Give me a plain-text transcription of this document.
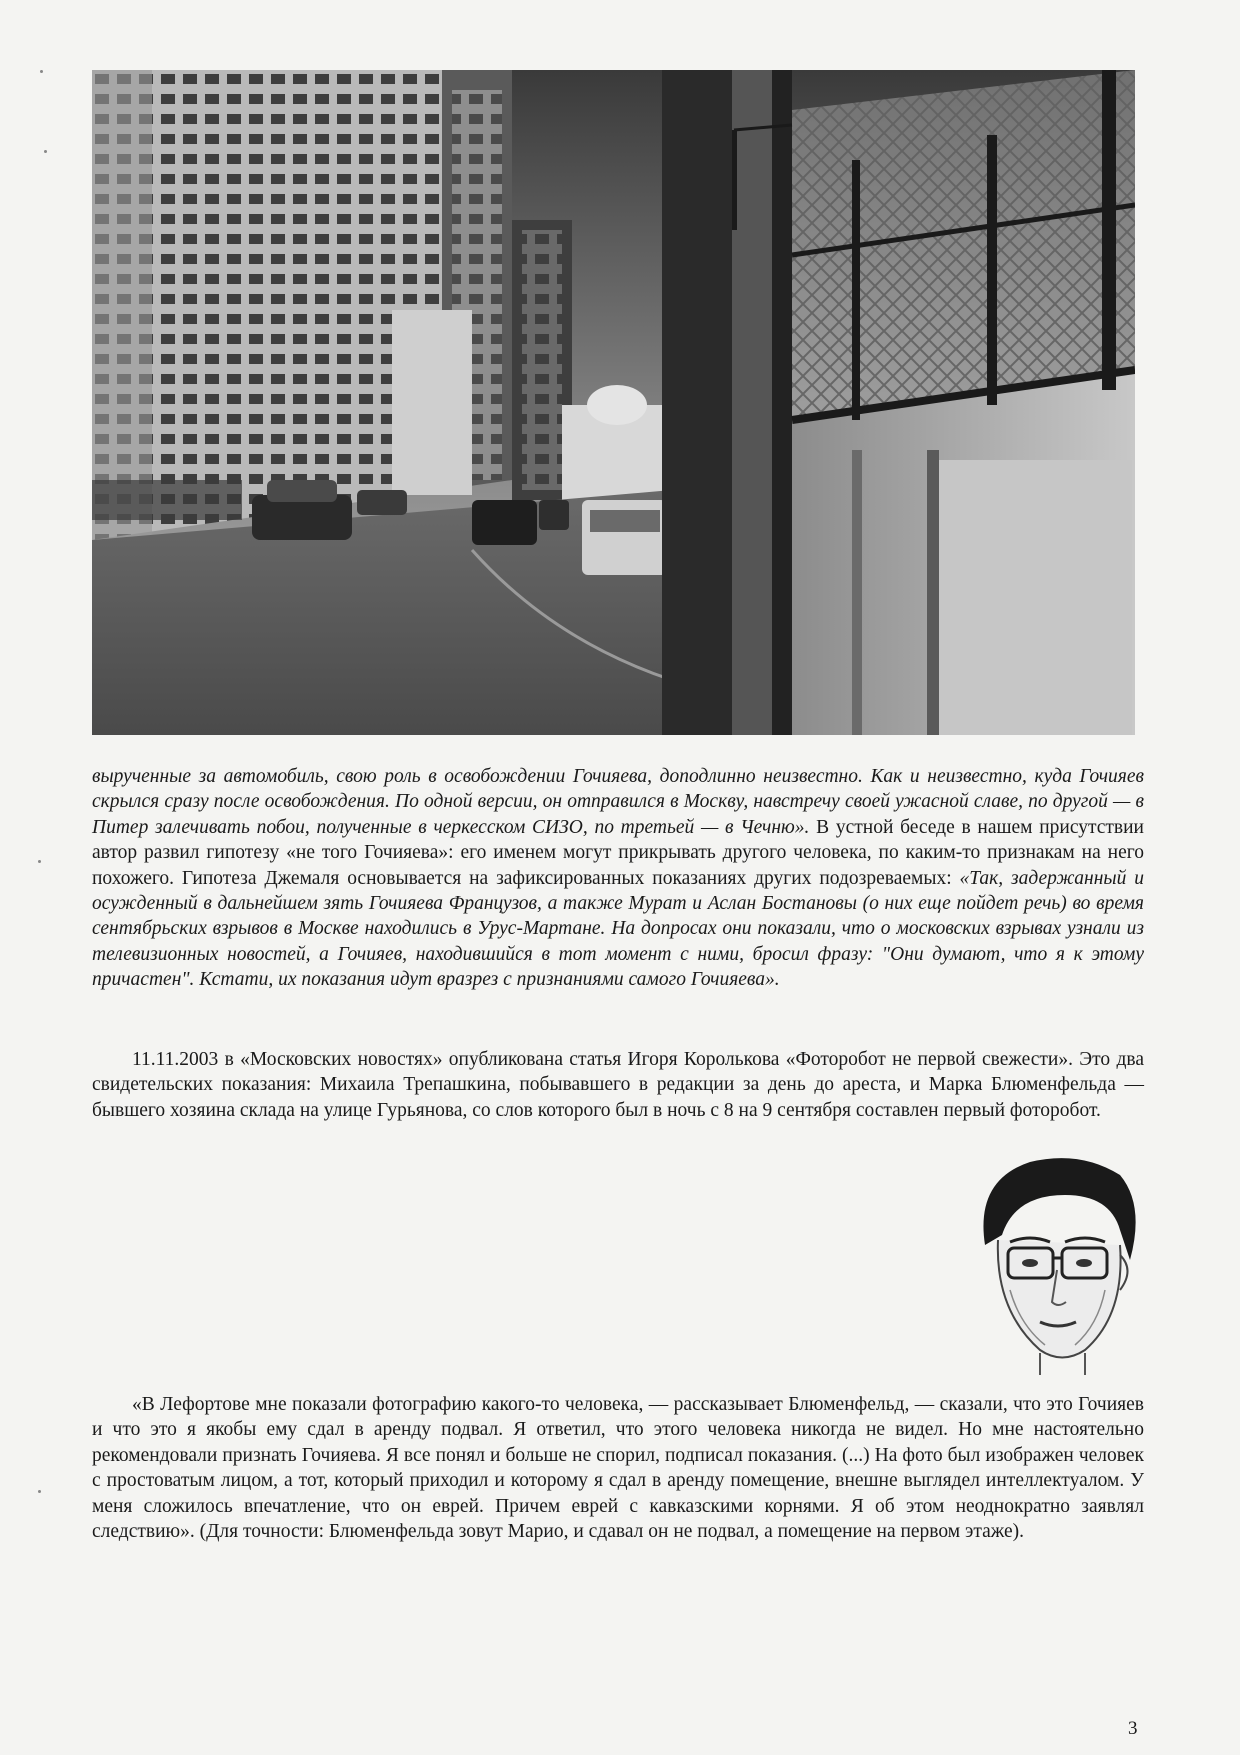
вырученные за автомобиль, свою роль в освобождении Гочияева, доподлинно неизвестно. Как и неизвестно, куда Гочияев скрылся сразу после освобождения. По одной версии, он отправился в Москву, навстречу своей ужасной славе, по другой — в Питер залечивать побои, полученные в черкесском СИЗО, по третьей — в Чечню». В устной беседе в нашем присутствии автор развил гипотезу «не того Гочияева»: его именем могут прикрывать другого человека, по каким-то признакам на него похожего. Гипотеза Джемаля основывается на зафиксированных показаниях других подозреваемых: «Так, задержанный и осужденный в дальнейшем зять Гочияева Французов, а также Мурат и Аслан Бостановы (о них еще пойдет речь) во время сентябрьских взрывов в Москве находились в Урус-Мартане. На допросах они показали, что о московских взрывах узнали из телевизионных новостей, а Гочияев, находившийся в тот момент с ними, бросил фразу: "Они думают, что я к этому причастен". Кстати, их показания идут вразрез с признаниями самого Гочияева».
11.11.2003 в «Московских новостях» опубликована статья Игоря Королькова «Фоторобот не первой свежести». Это два свидетельских показания: Михаила Трепашкина, побывавшего в редакции за день до ареста, и Марка Блюменфельда — бывшего хозяина склада на улице Гурьянова, со слов которого был в ночь с 8 на 9 сентября составлен первый фоторобот.
«В Лефортове мне показали фотографию какого-то человека, — рассказывает Блюменфельд, — сказали, что это Гочияев и что это я якобы ему сдал в аренду подвал. Я ответил, что этого человека никогда не видел. Но мне настоятельно рекомендовали признать Гочияева. Я все понял и больше не спорил, подписал показания. (...) На фото был изображен человек с простоватым лицом, а тот, который приходил и которому я сдал в аренду помещение, внешне выглядел интеллектуалом. У меня сложилось впечатление, что он еврей. Причем еврей с кавказскими корнями. Я об этом неоднократно заявлял следствию». (Для точности: Блюменфельда зовут Марио, и сдавал он не подвал, а помещение на первом этаже).
3
